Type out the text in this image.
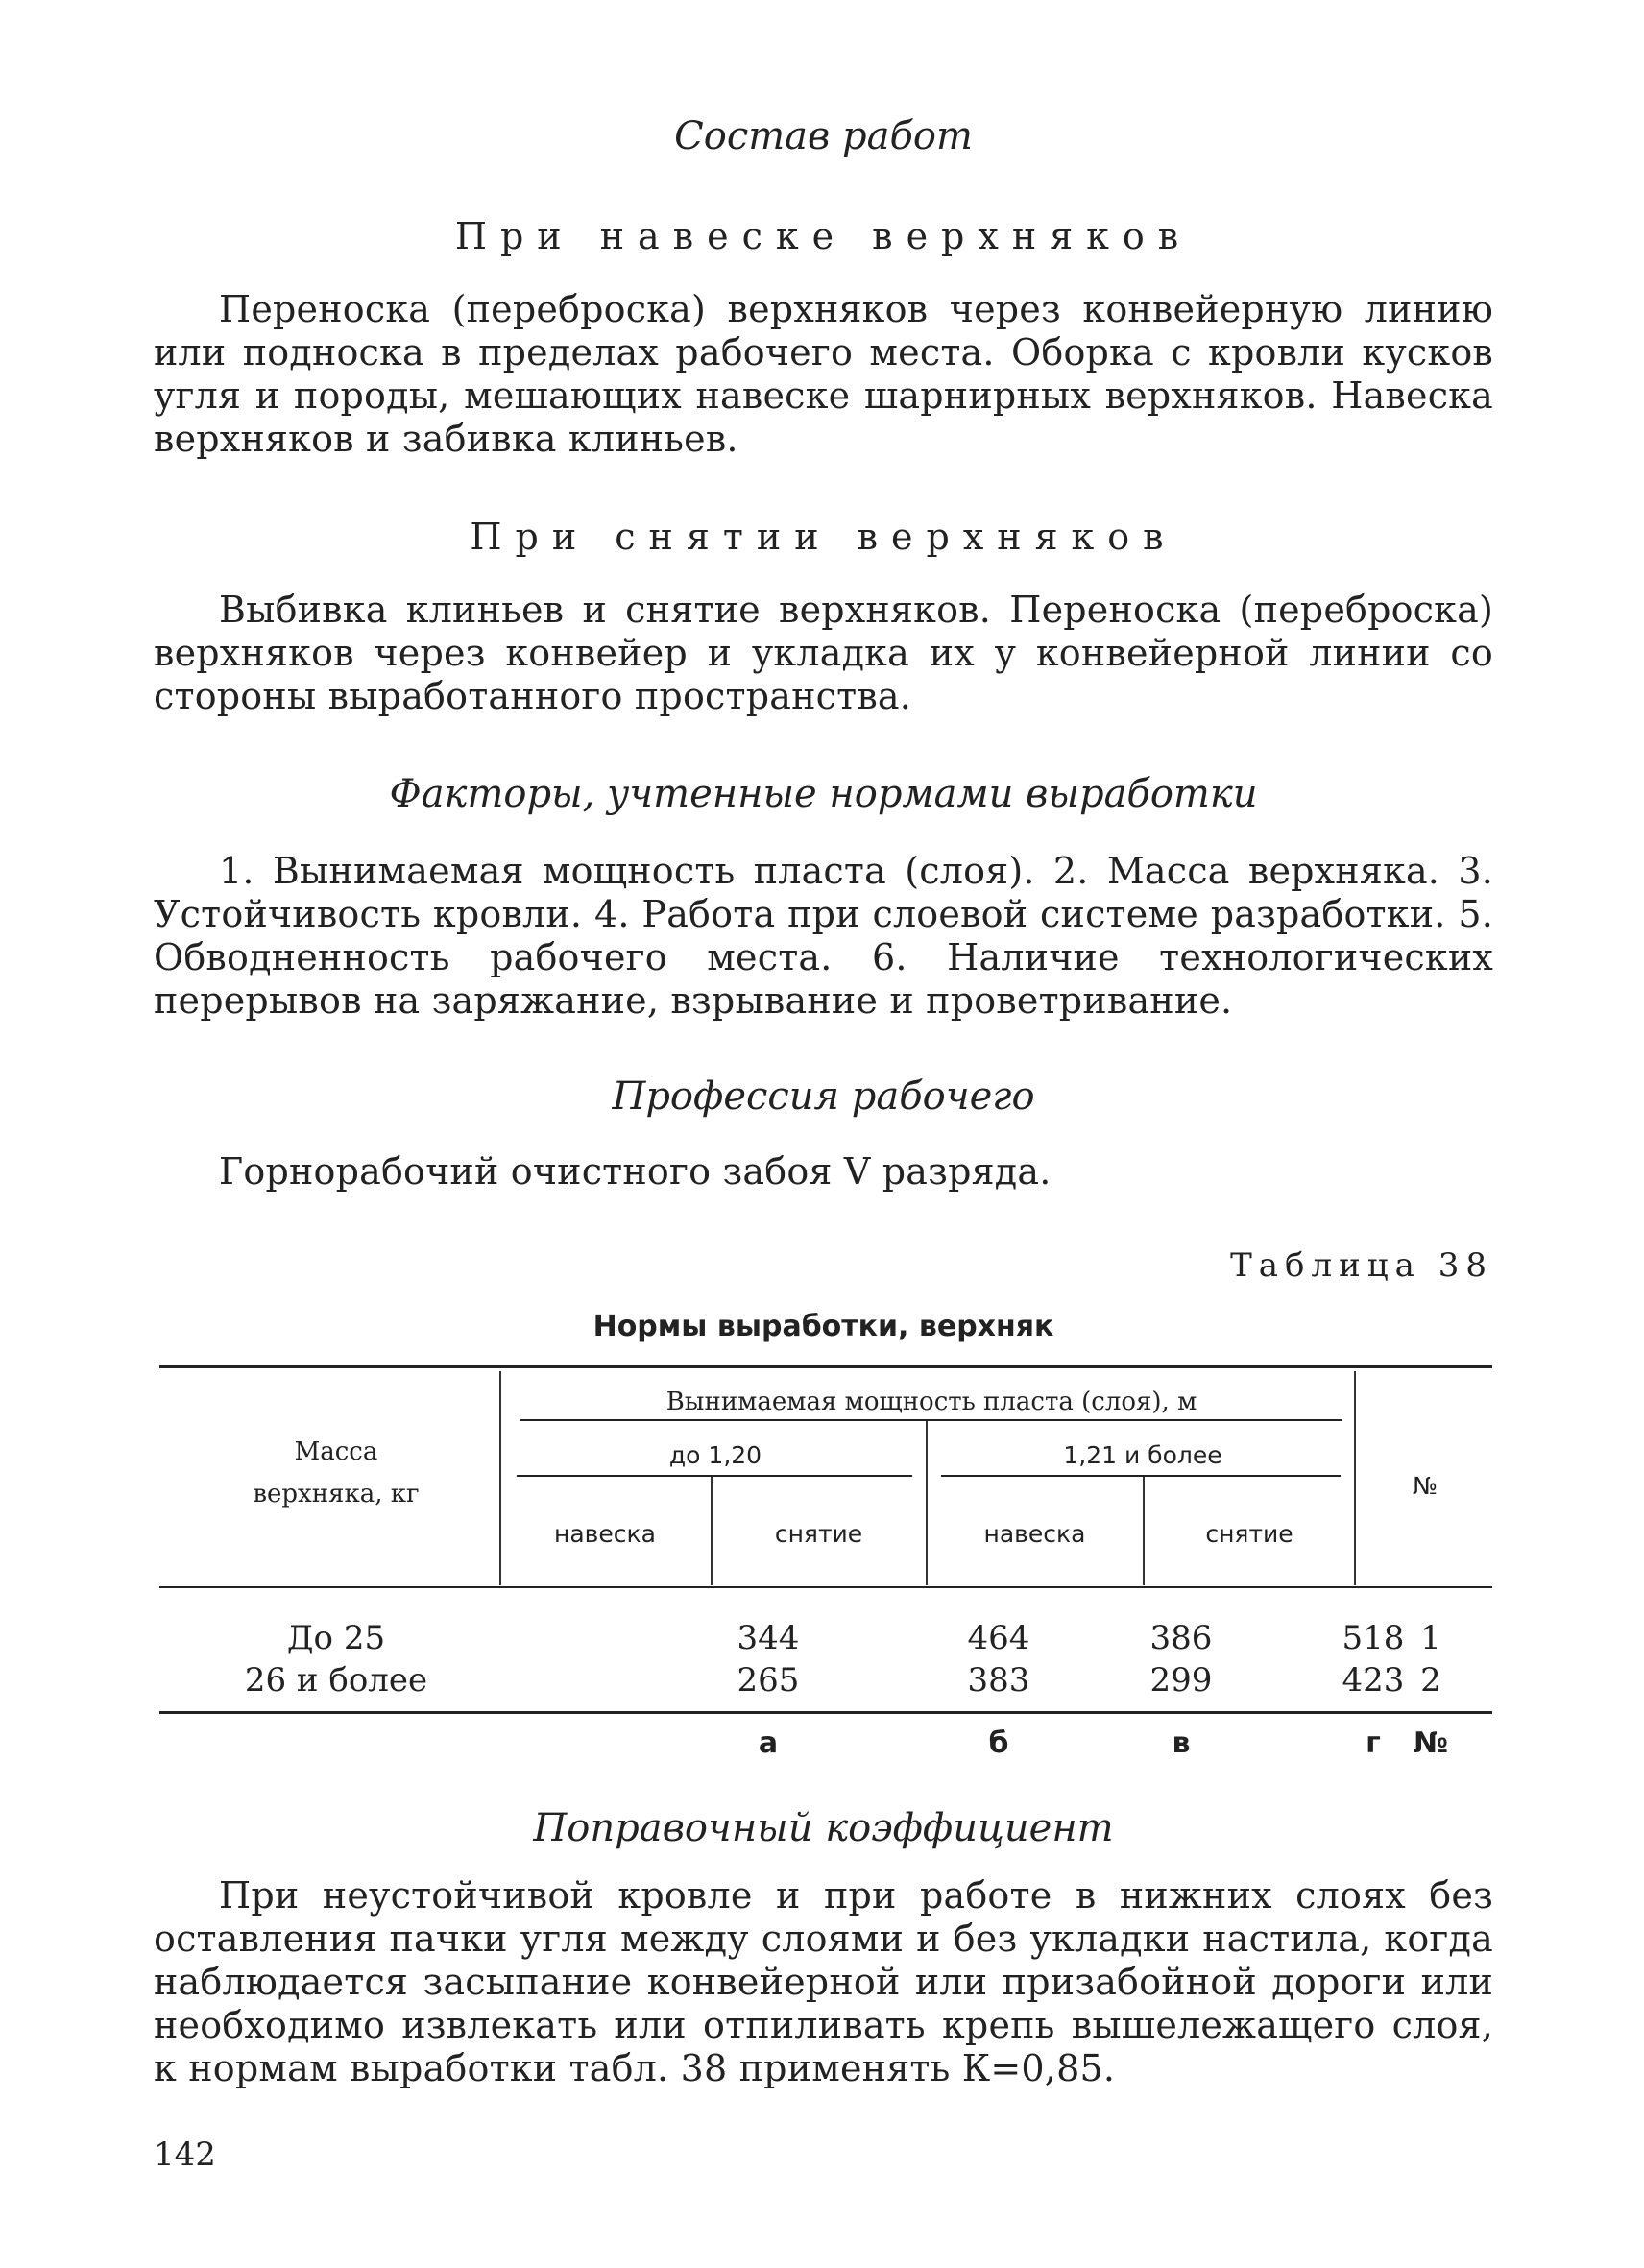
Состав работ
При навеске верхняков
Переноска (переброска) верхняков через конвейерную линию или подноска в пределах рабочего места. Оборка с кровли кусков угля и породы, мешающих навеске шарнирных верхняков. Навеска верхняков и забивка клиньев.
При снятии верхняков
Выбивка клиньев и снятие верхняков. Переноска (переброска) верхняков через конвейер и укладка их у конвейерной линии со стороны выработанного пространства.
Факторы, учтенные нормами выработки
1. Вынимаемая мощность пласта (слоя). 2. Масса верхняка. 3. Устойчивость кровли. 4. Работа при слоевой системе разработки. 5. Обводненность рабочего места. 6. Наличие технологических перерывов на заряжание, взрывание и проветривание.
Профессия рабочего
Горнорабочий очистного забоя V разряда.
Таблица 38
Нормы выработки, верхняк
Масса
верхняка, кг
Вынимаемая мощность пласта (слоя), м
до 1,20	1,21 и более
навеска	снятие	навеска	снятие
№
До 25	344	464	386	518 1
26 и более	265	383	299	423 2
а	б	в	г	№
Поправочный коэффициент
При неустойчивой кровле и при работе в нижних слоях без оставления пачки угля между слоями и без укладки настила, когда наблюдается засыпание конвейерной или призабойной дороги или необходимо извлекать или отпиливать крепь вышележащего слоя, к нормам выработки табл. 38 применять К=0,85.
142
